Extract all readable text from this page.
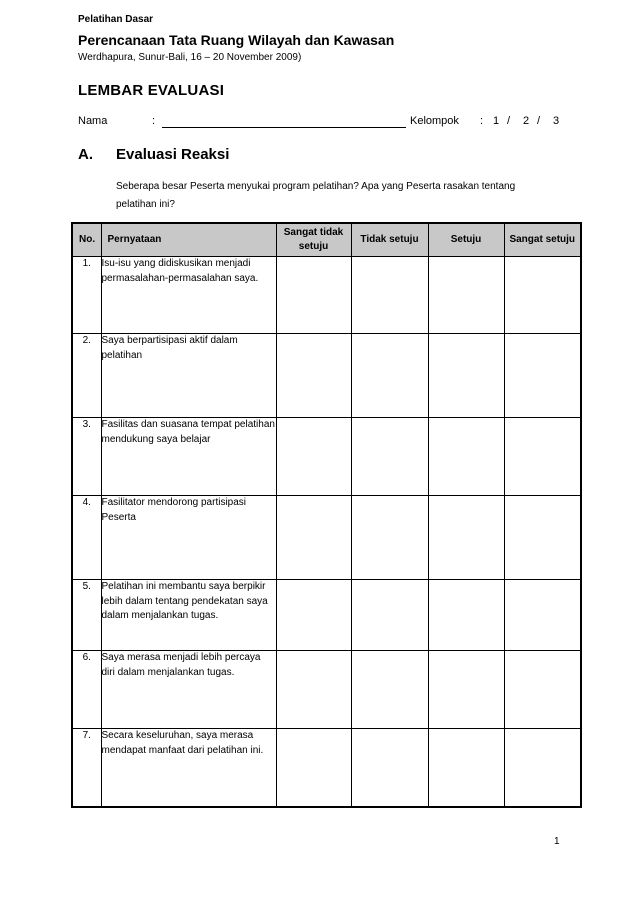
Pelatihan Dasar
Perencanaan Tata Ruang Wilayah dan Kawasan
Werdhapura, Sunur-Bali, 16 – 20 November 2009)
LEMBAR EVALUASI
Nama	:	Kelompok : 1 /	2 /	3
A. Evaluasi Reaksi
Seberapa besar Peserta menyukai program pelatihan? Apa yang Peserta rasakan tentang pelatihan ini?
No.	Pernyataan	Sangat tidak setuju	Tidak setuju	Setuju	Sangat setuju
1.	Isu-isu yang didiskusikan menjadi permasalahan-permasalahan saya.				
2.	Saya berpartisipasi aktif dalam pelatihan				
3.	Fasilitas dan suasana tempat pelatihan mendukung saya belajar				
4.	Fasilitator mendorong partisipasi Peserta				
5.	Pelatihan ini membantu saya berpikir lebih dalam tentang pendekatan saya dalam menjalankan tugas.				
6.	Saya merasa menjadi lebih percaya diri dalam menjalankan tugas.				
7.	Secara keseluruhan, saya merasa mendapat manfaat dari pelatihan ini.				
1
